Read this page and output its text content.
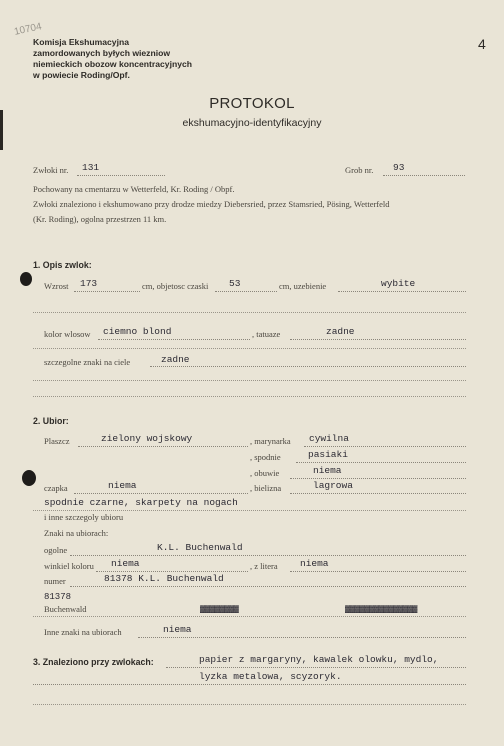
10704
4
Komisja Ekshumacyjna
zamordowanych byłych wiezniow
niemieckich obozow koncentracyjnych
w powiecie Roding/Opf.
PROTOKOL
ekshumacyjno-identyfikacyjny
Zwłoki nr. 131	Grob nr. 93
Pochowany na cmentarzu w Wetterfeld, Kr. Roding / Obpf.
Zwłoki znaleziono i ekshumowano przy drodze miedzy Diebersried, przez Stamsried, Pösing, Wetterfeld
(Kr. Roding), ogolna przestrzen 11 km.
1. Opis zwlok:
Wzrost 173	cm, objetosc czaski 53	cm, uzebienie	wybite
kolor wlosow ciemno blond	, tatuaze	zadne
szczegolne znaki na ciele	zadne
2. Ubior:
Plaszcz	zielony wojskowy	, marynarka cywilna
, spodnie	pasiaki
, obuwie	niema
czapka	niema	, bielizna	lagrowa
spodnie czarne, skarpety na nogach
i inne szczegoly ubioru
Znaki na ubiorach:
ogolne	K.L. Buchenwald
winkiel koloru niema	, z litera niema
numer	81378 K.L. Buchenwald
81378
Buchenwald	▓▓▓▓▓▓▓▓	▓▓▓▓▓▓▓▓▓▓▓▓▓▓▓
Inne znaki na ubiorach	niema
3. Znaleziono przy zwlokach:	papier z margaryny, kawalek olowku, mydlo,
lyzka metalowa, scyzoryk.
